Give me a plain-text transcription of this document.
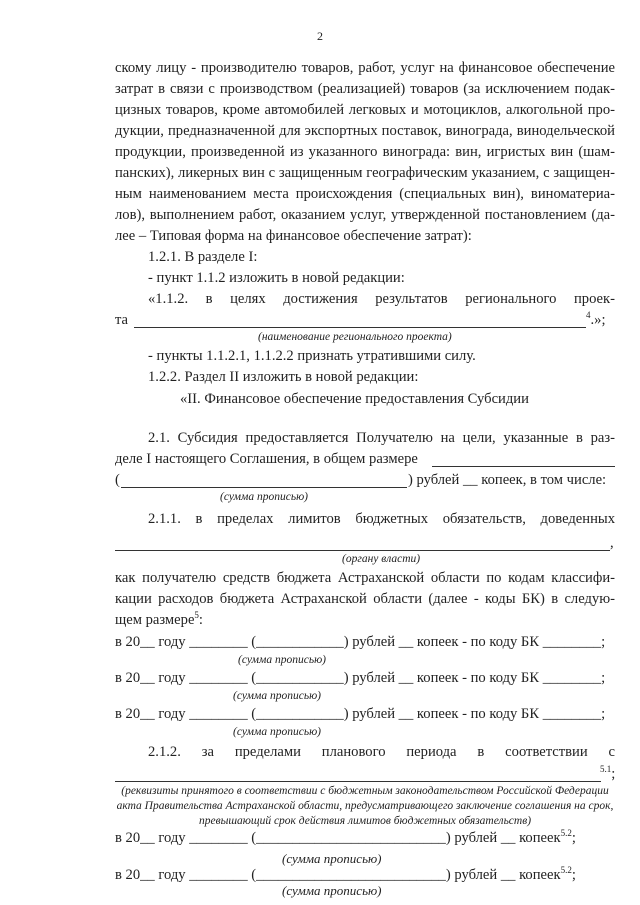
2
скому лицу - производителю товаров, работ, услуг на финансовое обеспечение
затрат в связи с производством (реализацией) товаров (за исключением подак-
цизных товаров, кроме автомобилей легковых и мотоциклов, алкогольной про-
дукции, предназначенной для экспортных поставок, винограда, винодельческой
продукции, произведенной из указанного винограда: вин, игристых вин (шам-
панских), ликерных вин с защищенным географическим указанием, с защищен-
ным наименованием места происхождения (специальных вин), виноматериа-
лов), выполнением работ, оказанием услуг, утвержденной постановлением (да-
лее – Типовая форма на финансовое обеспечение затрат):
1.2.1. В разделе I:
- пункт 1.1.2 изложить в новой редакции:
«1.1.2. в целях достижения результатов регионального проек-
та	$^4$.»;
(наименование регионального проекта)
- пункты 1.1.2.1, 1.1.2.2 признать утратившими силу.
1.2.2. Раздел II изложить в новой редакции:
«II. Финансовое обеспечение предоставления Субсидии
2.1. Субсидия предоставляется Получателю на цели, указанные в раз-
деле I настоящего Соглашения, в общем размере
(	) рублей __ копеек, в том числе:
(сумма прописью)
2.1.1. в пределах лимитов бюджетных обязательств, доведенных
,
(органу власти)
как получателю средств бюджета Астраханской области по кодам классифи-
кации расходов бюджета Астраханской области (далее - коды БК) в следую-
щем размере$^5$:
в 20__ году ________ (____________) рублей __ копеек - по коду БК ________;
(сумма прописью)
в 20__ году ________ (____________) рублей __ копеек - по коду БК ________;
(сумма прописью)
в 20__ году ________ (____________) рублей __ копеек - по коду БК ________;
(сумма прописью)
2.1.2. за пределами планового периода в соответствии с
$^{5.1}$;
(реквизиты принятого в соответствии с бюджетным законодательством Российской Федерации акта Правительства Астраханской области, предусматривающего заключение соглашения на срок, превышающий срок действия лимитов бюджетных обязательств)
в 20__ году ________ (__________________________) рублей __ копеек$^{5.2}$;
(сумма прописью)
в 20__ году ________ (__________________________) рублей __ копеек$^{5.2}$;
(сумма прописью)
